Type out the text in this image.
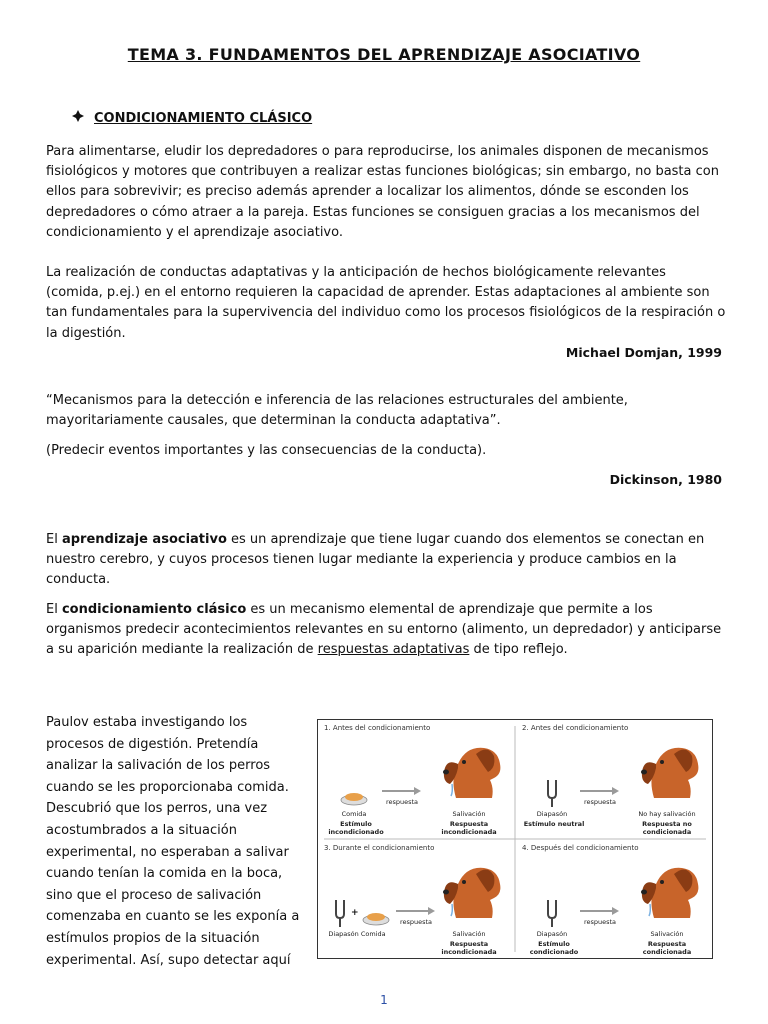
TEMA 3. FUNDAMENTOS DEL APRENDIZAJE ASOCIATIVO
CONDICIONAMIENTO CLÁSICO
Para alimentarse, eludir los depredadores o para reproducirse, los animales disponen de mecanismos fisiológicos y motores que contribuyen a realizar estas funciones biológicas; sin embargo, no basta con ellos para sobrevivir; es preciso además aprender a localizar los alimentos, dónde se esconden los depredadores o cómo atraer a la pareja. Estas funciones se consiguen gracias a los mecanismos del condicionamiento y el aprendizaje asociativo.
La realización de conductas adaptativas y la anticipación de hechos biológicamente relevantes (comida, p.ej.) en el entorno requieren la capacidad de aprender. Estas adaptaciones al ambiente son tan fundamentales para la supervivencia del individuo como los procesos fisiológicos de la respiración o la digestión.
Michael Domjan, 1999
“Mecanismos para la detección e inferencia de las relaciones estructurales del ambiente, mayoritariamente causales, que determinan la conducta adaptativa”.
(Predecir eventos importantes y las consecuencias de la conducta).
Dickinson, 1980
El aprendizaje asociativo es un aprendizaje que tiene lugar cuando dos elementos se conectan en nuestro cerebro, y cuyos procesos tienen lugar mediante la experiencia y produce cambios en la conducta.
El condicionamiento clásico es un mecanismo elemental de aprendizaje que permite a los organismos predecir acontecimientos relevantes en su entorno (alimento, un depredador) y anticiparse a su aparición mediante la realización de respuestas adaptativas de tipo reflejo.
Paulov estaba investigando los procesos de digestión. Pretendía analizar la salivación de los perros cuando se les proporcionaba comida. Descubrió que los perros, una vez acostumbrados a la situación experimental, no esperaban a salivar cuando tenían la comida en la boca, sino que el proceso de salivación comenzaba en cuanto se les exponía a estímulos propios de la situación experimental. Así, supo detectar aquí
1. Antes del condicionamiento
respuesta
Comida
Estímulo incondicionado
Salivación
Respuesta incondicionada
2. Antes del condicionamiento
respuesta
Diapasón
Estímulo neutral
No hay salivación
Respuesta no condicionada
3. Durante el condicionamiento
+
respuesta
Diapasón Comida	Salivación
Respuesta incondicionada
4. Después del condicionamiento
respuesta
Diapasón
Estímulo condicionado
Salivación
Respuesta condicionada
1
